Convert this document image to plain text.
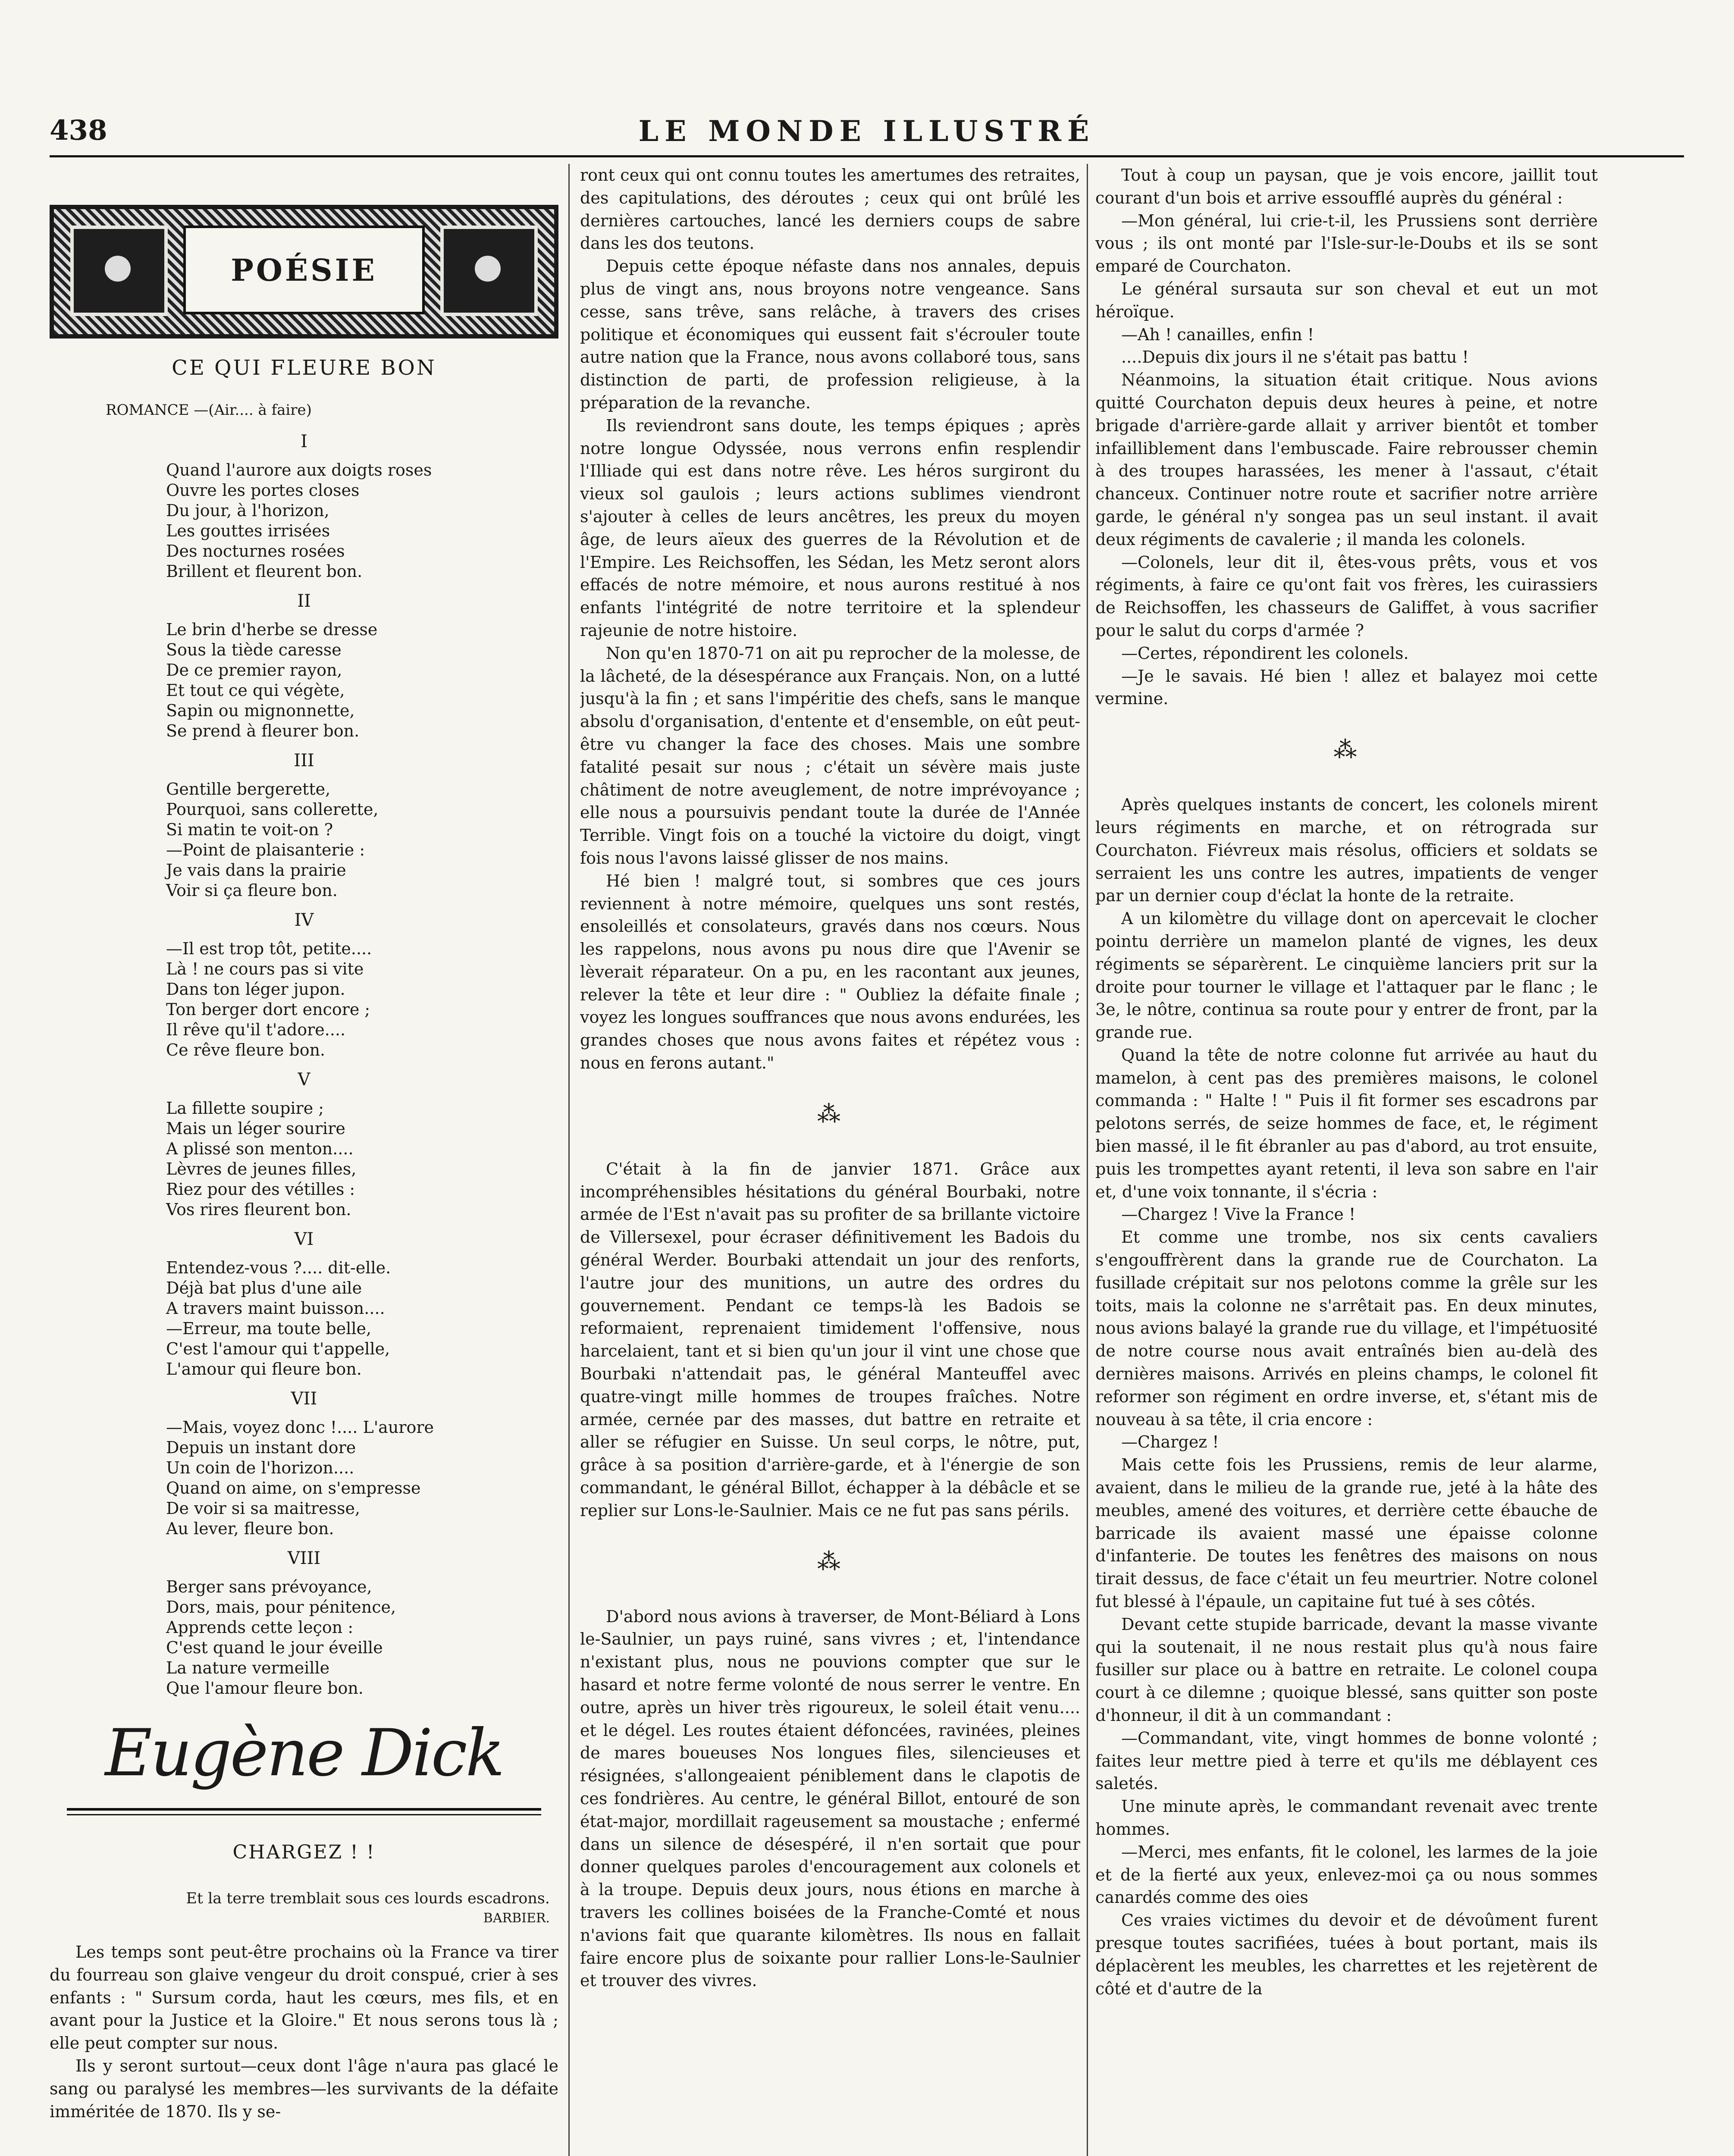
438	LE MONDE ILLUSTRÉ
POÉSIE
CE QUI FLEURE BON
ROMANCE —(Air.... à faire)
I
Quand l'aurore aux doigts roses
Ouvre les portes closes
Du jour, à l'horizon,
Les gouttes irrisées
Des nocturnes rosées
Brillent et fleurent bon.
II
Le brin d'herbe se dresse
Sous la tiède caresse
De ce premier rayon,
Et tout ce qui végète,
Sapin ou mignonnette,
Se prend à fleurer bon.
III
Gentille bergerette,
Pourquoi, sans collerette,
Si matin te voit-on ?
—Point de plaisanterie :
Je vais dans la prairie
Voir si ça fleure bon.
IV
—Il est trop tôt, petite....
Là ! ne cours pas si vite
Dans ton léger jupon.
Ton berger dort encore ;
Il rêve qu'il t'adore....
Ce rêve fleure bon.
V
La fillette soupire ;
Mais un léger sourire
A plissé son menton....
Lèvres de jeunes filles,
Riez pour des vétilles :
Vos rires fleurent bon.
VI
Entendez-vous ?.... dit-elle.
Déjà bat plus d'une aile
A travers maint buisson....
—Erreur, ma toute belle,
C'est l'amour qui t'appelle,
L'amour qui fleure bon.
VII
—Mais, voyez donc !.... L'aurore
Depuis un instant dore
Un coin de l'horizon....
Quand on aime, on s'empresse
De voir si sa maitresse,
Au lever, fleure bon.
VIII
Berger sans prévoyance,
Dors, mais, pour pénitence,
Apprends cette leçon :
C'est quand le jour éveille
La nature vermeille
Que l'amour fleure bon.
Eugène Dick
CHARGEZ ! !
Et la terre tremblait sous ces lourds escadrons.
BARBIER.

Les temps sont peut-être prochains où la France va tirer du fourreau son glaive vengeur du droit conspué, crier à ses enfants : " Sursum corda, haut les cœurs, mes fils, et en avant pour la Justice et la Gloire." Et nous serons tous là ; elle peut compter sur nous.

Ils y seront surtout—ceux dont l'âge n'aura pas glacé le sang ou paralysé les membres—les survivants de la défaite imméritée de 1870. Ils y se-

ront ceux qui ont connu toutes les amertumes des retraites, des capitulations, des déroutes ; ceux qui ont brûlé les dernières cartouches, lancé les derniers coups de sabre dans les dos teutons.

Depuis cette époque néfaste dans nos annales, depuis plus de vingt ans, nous broyons notre vengeance. Sans cesse, sans trêve, sans relâche, à travers des crises politique et économiques qui eussent fait s'écrouler toute autre nation que la France, nous avons collaboré tous, sans distinction de parti, de profession religieuse, à la préparation de la revanche.

Ils reviendront sans doute, les temps épiques ; après notre longue Odyssée, nous verrons enfin resplendir l'Illiade qui est dans notre rêve. Les héros surgiront du vieux sol gaulois ; leurs actions sublimes viendront s'ajouter à celles de leurs ancêtres, les preux du moyen âge, de leurs aïeux des guerres de la Révolution et de l'Empire. Les Reichsoffen, les Sédan, les Metz seront alors effacés de notre mémoire, et nous aurons restitué à nos enfants l'intégrité de notre territoire et la splendeur rajeunie de notre histoire.

Non qu'en 1870-71 on ait pu reprocher de la molesse, de la lâcheté, de la désespérance aux Français. Non, on a lutté jusqu'à la fin ; et sans l'impéritie des chefs, sans le manque absolu d'organisation, d'entente et d'ensemble, on eût peut-être vu changer la face des choses. Mais une sombre fatalité pesait sur nous ; c'était un sévère mais juste châtiment de notre aveuglement, de notre imprévoyance ; elle nous a poursuivis pendant toute la durée de l'Année Terrible. Vingt fois on a touché la victoire du doigt, vingt fois nous l'avons laissé glisser de nos mains.

Hé bien ! malgré tout, si sombres que ces jours reviennent à notre mémoire, quelques uns sont restés, ensoleillés et consolateurs, gravés dans nos cœurs. Nous les rappelons, nous avons pu nous dire que l'Avenir se lèverait réparateur. On a pu, en les racontant aux jeunes, relever la tête et leur dire : " Oubliez la défaite finale ; voyez les longues souffrances que nous avons endurées, les grandes choses que nous avons faites et répétez vous : nous en ferons autant."

⁂

C'était à la fin de janvier 1871. Grâce aux incompréhensibles hésitations du général Bourbaki, notre armée de l'Est n'avait pas su profiter de sa brillante victoire de Villersexel, pour écraser définitivement les Badois du général Werder. Bourbaki attendait un jour des renforts, l'autre jour des munitions, un autre des ordres du gouvernement. Pendant ce temps-là les Badois se reformaient, reprenaient timidement l'offensive, nous harcelaient, tant et si bien qu'un jour il vint une chose que Bourbaki n'attendait pas, le général Manteuffel avec quatre-vingt mille hommes de troupes fraîches. Notre armée, cernée par des masses, dut battre en retraite et aller se réfugier en Suisse. Un seul corps, le nôtre, put, grâce à sa position d'arrière-garde, et à l'énergie de son commandant, le général Billot, échapper à la débâcle et se replier sur Lons-le-Saulnier. Mais ce ne fut pas sans périls.

⁂

D'abord nous avions à traverser, de Mont-Béliard à Lons le-Saulnier, un pays ruiné, sans vivres ; et, l'intendance n'existant plus, nous ne pouvions compter que sur le hasard et notre ferme volonté de nous serrer le ventre. En outre, après un hiver très rigoureux, le soleil était venu.... et le dégel. Les routes étaient défoncées, ravinées, pleines de mares boueuses Nos longues files, silencieuses et résignées, s'allongeaient péniblement dans le clapotis de ces fondrières. Au centre, le général Billot, entouré de son état-major, mordillait rageusement sa moustache ; enfermé dans un silence de désespéré, il n'en sortait que pour donner quelques paroles d'encouragement aux colonels et à la troupe. Depuis deux jours, nous étions en marche à travers les collines boisées de la Franche-Comté et nous n'avions fait que quarante kilomètres. Ils nous en fallait faire encore plus de soixante pour rallier Lons-le-Saulnier et trouver des vivres.

Tout à coup un paysan, que je vois encore, jaillit tout courant d'un bois et arrive essoufflé auprès du général :

—Mon général, lui crie-t-il, les Prussiens sont derrière vous ; ils ont monté par l'Isle-sur-le-Doubs et ils se sont emparé de Courchaton.

Le général sursauta sur son cheval et eut un mot héroïque.

—Ah ! canailles, enfin !

....Depuis dix jours il ne s'était pas battu !

Néanmoins, la situation était critique. Nous avions quitté Courchaton depuis deux heures à peine, et notre brigade d'arrière-garde allait y arriver bientôt et tomber infailliblement dans l'embuscade. Faire rebrousser chemin à des troupes harassées, les mener à l'assaut, c'était chanceux. Continuer notre route et sacrifier notre arrière garde, le général n'y songea pas un seul instant. il avait deux régiments de cavalerie ; il manda les colonels.

—Colonels, leur dit il, êtes-vous prêts, vous et vos régiments, à faire ce qu'ont fait vos frères, les cuirassiers de Reichsoffen, les chasseurs de Galiffet, à vous sacrifier pour le salut du corps d'armée ?

—Certes, répondirent les colonels.

—Je le savais. Hé bien ! allez et balayez moi cette vermine.

⁂

Après quelques instants de concert, les colonels mirent leurs régiments en marche, et on rétrograda sur Courchaton. Fiévreux mais résolus, officiers et soldats se serraient les uns contre les autres, impatients de venger par un dernier coup d'éclat la honte de la retraite.

A un kilomètre du village dont on apercevait le clocher pointu derrière un mamelon planté de vignes, les deux régiments se séparèrent. Le cinquième lanciers prit sur la droite pour tourner le village et l'attaquer par le flanc ; le 3e, le nôtre, continua sa route pour y entrer de front, par la grande rue.

Quand la tête de notre colonne fut arrivée au haut du mamelon, à cent pas des premières maisons, le colonel commanda : " Halte ! " Puis il fit former ses escadrons par pelotons serrés, de seize hommes de face, et, le régiment bien massé, il le fit ébranler au pas d'abord, au trot ensuite, puis les trompettes ayant retenti, il leva son sabre en l'air et, d'une voix tonnante, il s'écria :

—Chargez ! Vive la France !

Et comme une trombe, nos six cents cavaliers s'engouffrèrent dans la grande rue de Courchaton. La fusillade crépitait sur nos pelotons comme la grêle sur les toits, mais la colonne ne s'arrêtait pas. En deux minutes, nous avions balayé la grande rue du village, et l'impétuosité de notre course nous avait entraînés bien au-delà des dernières maisons. Arrivés en pleins champs, le colonel fit reformer son régiment en ordre inverse, et, s'étant mis de nouveau à sa tête, il cria encore :

—Chargez !

Mais cette fois les Prussiens, remis de leur alarme, avaient, dans le milieu de la grande rue, jeté à la hâte des meubles, amené des voitures, et derrière cette ébauche de barricade ils avaient massé une épaisse colonne d'infanterie. De toutes les fenêtres des maisons on nous tirait dessus, de face c'était un feu meurtrier. Notre colonel fut blessé à l'épaule, un capitaine fut tué à ses côtés.

Devant cette stupide barricade, devant la masse vivante qui la soutenait, il ne nous restait plus qu'à nous faire fusiller sur place ou à battre en retraite. Le colonel coupa court à ce dilemne ; quoique blessé, sans quitter son poste d'honneur, il dit à un commandant :

—Commandant, vite, vingt hommes de bonne volonté ; faites leur mettre pied à terre et qu'ils me déblayent ces saletés.

Une minute après, le commandant revenait avec trente hommes.

—Merci, mes enfants, fit le colonel, les larmes de la joie et de la fierté aux yeux, enlevez-moi ça ou nous sommes canardés comme des oies

Ces vraies victimes du devoir et de dévoûment furent presque toutes sacrifiées, tuées à bout portant, mais ils déplacèrent les meubles, les charrettes et les rejetèrent de côté et d'autre de la
